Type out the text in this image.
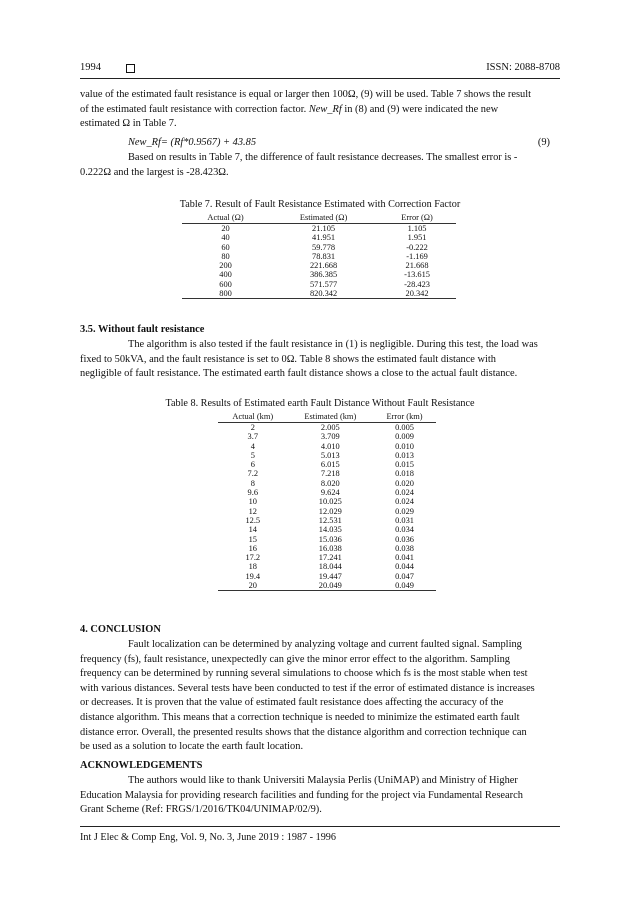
1994	ISSN: 2088-8708
value of the estimated fault resistance is equal or larger then 100Ω, (9) will be used. Table 7 shows the result
of the estimated fault resistance with correction factor. New_Rf in (8) and (9) were indicated the new
estimated Ω in Table 7.
New_Rf= (Rf*0.9567) + 43.85	(9)
Based on results in Table 7, the difference of fault resistance decreases. The smallest error is -
0.222Ω and the largest is -28.423Ω.
Table 7. Result of Fault Resistance Estimated with Correction Factor
Actual (Ω)	Estimated (Ω)	Error (Ω)
20	21.105	1.105
40	41.951	1.951
60	59.778	-0.222
80	78.831	-1.169
200	221.668	21.668
400	386.385	-13.615
600	571.577	-28.423
800	820.342	20.342
3.5. Without fault resistance
The algorithm is also tested if the fault resistance in (1) is negligible. During this test, the load was
fixed to 50kVA, and the fault resistance is set to 0Ω. Table 8 shows the estimated fault distance with
negligible of fault resistance. The estimated earth fault distance shows a close to the actual fault distance.
Table 8. Results of Estimated earth Fault Distance Without Fault Resistance
Actual (km)	Estimated (km)	Error (km)
2	2.005	0.005
3.7	3.709	0.009
4	4.010	0.010
5	5.013	0.013
6	6.015	0.015
7.2	7.218	0.018
8	8.020	0.020
9.6	9.624	0.024
10	10.025	0.024
12	12.029	0.029
12.5	12.531	0.031
14	14.035	0.034
15	15.036	0.036
16	16.038	0.038
17.2	17.241	0.041
18	18.044	0.044
19.4	19.447	0.047
20	20.049	0.049
4. CONCLUSION
Fault localization can be determined by analyzing voltage and current faulted signal. Sampling
frequency (fs), fault resistance, unexpectedly can give the minor error effect to the algorithm. Sampling
frequency can be determined by running several simulations to choose which fs is the most stable when test
with various distances. Several tests have been conducted to test if the error of estimated distance is increases
or decreases. It is proven that the value of estimated fault resistance does affecting the accuracy of the
distance algorithm. This means that a correction technique is needed to minimize the estimated earth fault
distance error. Overall, the presented results shows that the distance algorithm and correction technique can
be used as a solution to locate the earth fault location.
ACKNOWLEDGEMENTS
The authors would like to thank Universiti Malaysia Perlis (UniMAP) and Ministry of Higher
Education Malaysia for providing research facilities and funding for the project via Fundamental Research
Grant Scheme (Ref: FRGS/1/2016/TK04/UNIMAP/02/9).
Int J Elec & Comp Eng, Vol. 9, No. 3, June 2019 : 1987 - 1996
